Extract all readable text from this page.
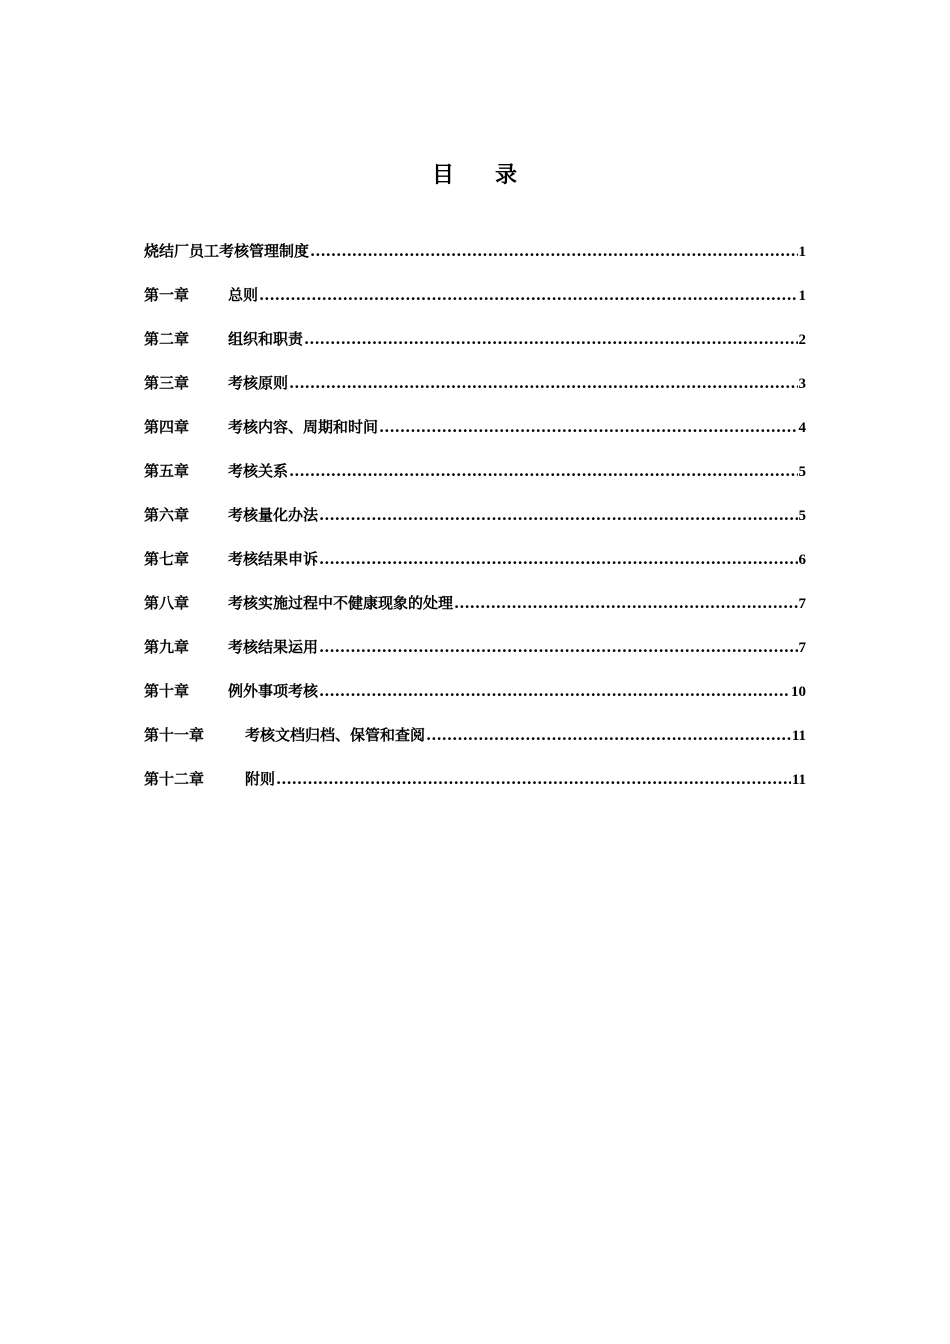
目 录
烧结厂员工考核管理制度 .....	1
第一章	总则 .....	1
第二章	组织和职责 .....	2
第三章	考核原则 .....	3
第四章	考核内容、周期和时间 .....	4
第五章	考核关系 .....	5
第六章	考核量化办法 .....	5
第七章	考核结果申诉 .....	6
第八章	考核实施过程中不健康现象的处理 .....	7
第九章	考核结果运用 .....	7
第十章	例外事项考核 .....	10
第十一章	考核文档归档、保管和查阅 .....	11
第十二章	附则 .....	11
